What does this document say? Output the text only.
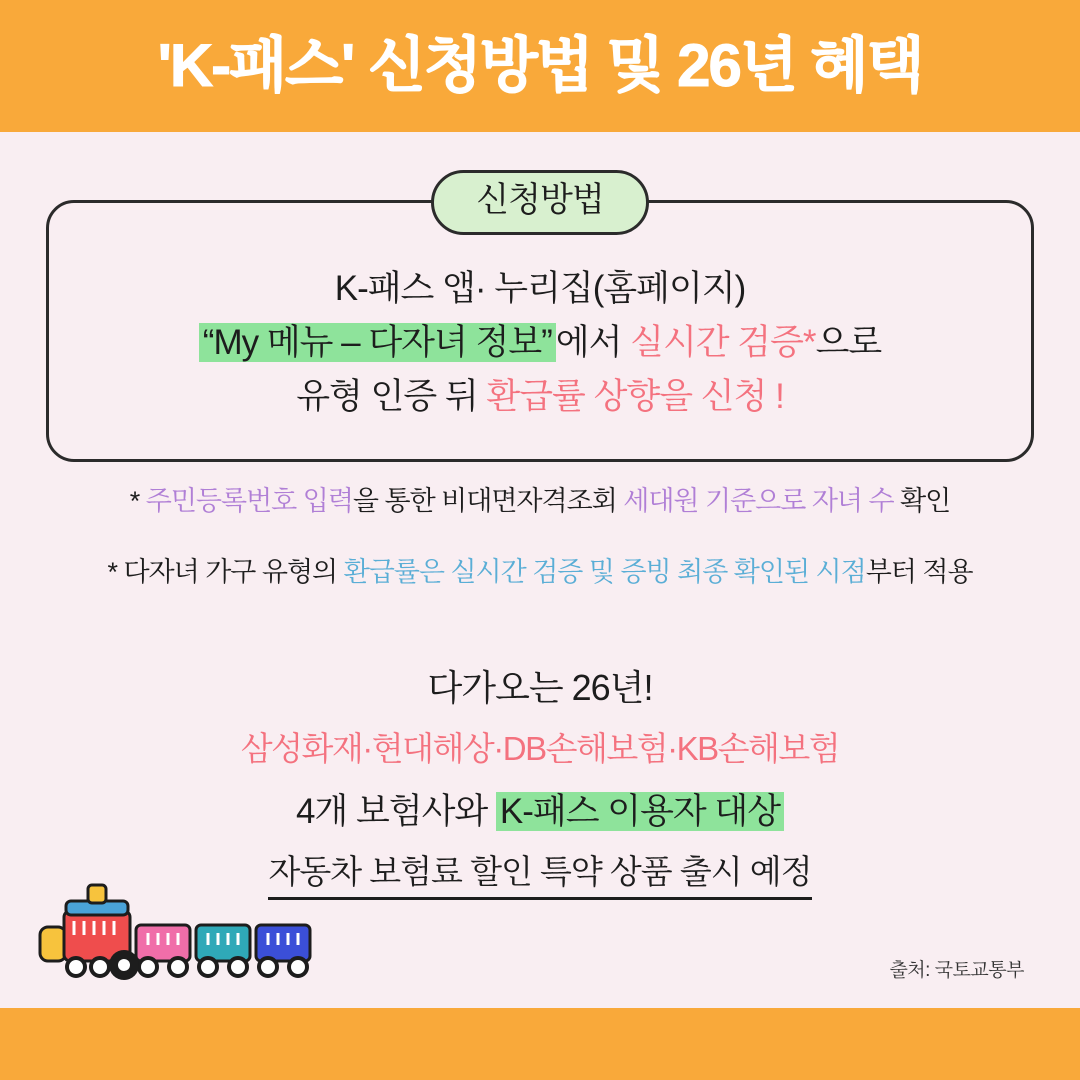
'K-패스' 신청방법 및 26년 혜택
신청방법
K-패스 앱· 누리집(홈페이지)
“My 메뉴 – 다자녀 정보” 에서 실시간 검증*으로
유형 인증 뒤 환급률 상향을 신청 !
* 주민등록번호 입력을 통한 비대면자격조회 세대원 기준으로 자녀 수 확인
* 다자녀 가구 유형의 환급률은 실시간 검증 및 증빙 최종 확인된 시점부터 적용
다가오는 26년!
삼성화재·현대해상·DB손해보험·KB손해보험
4개 보험사와 K-패스 이용자 대상
자동차 보험료 할인 특약 상품 출시 예정
출처: 국토교통부
